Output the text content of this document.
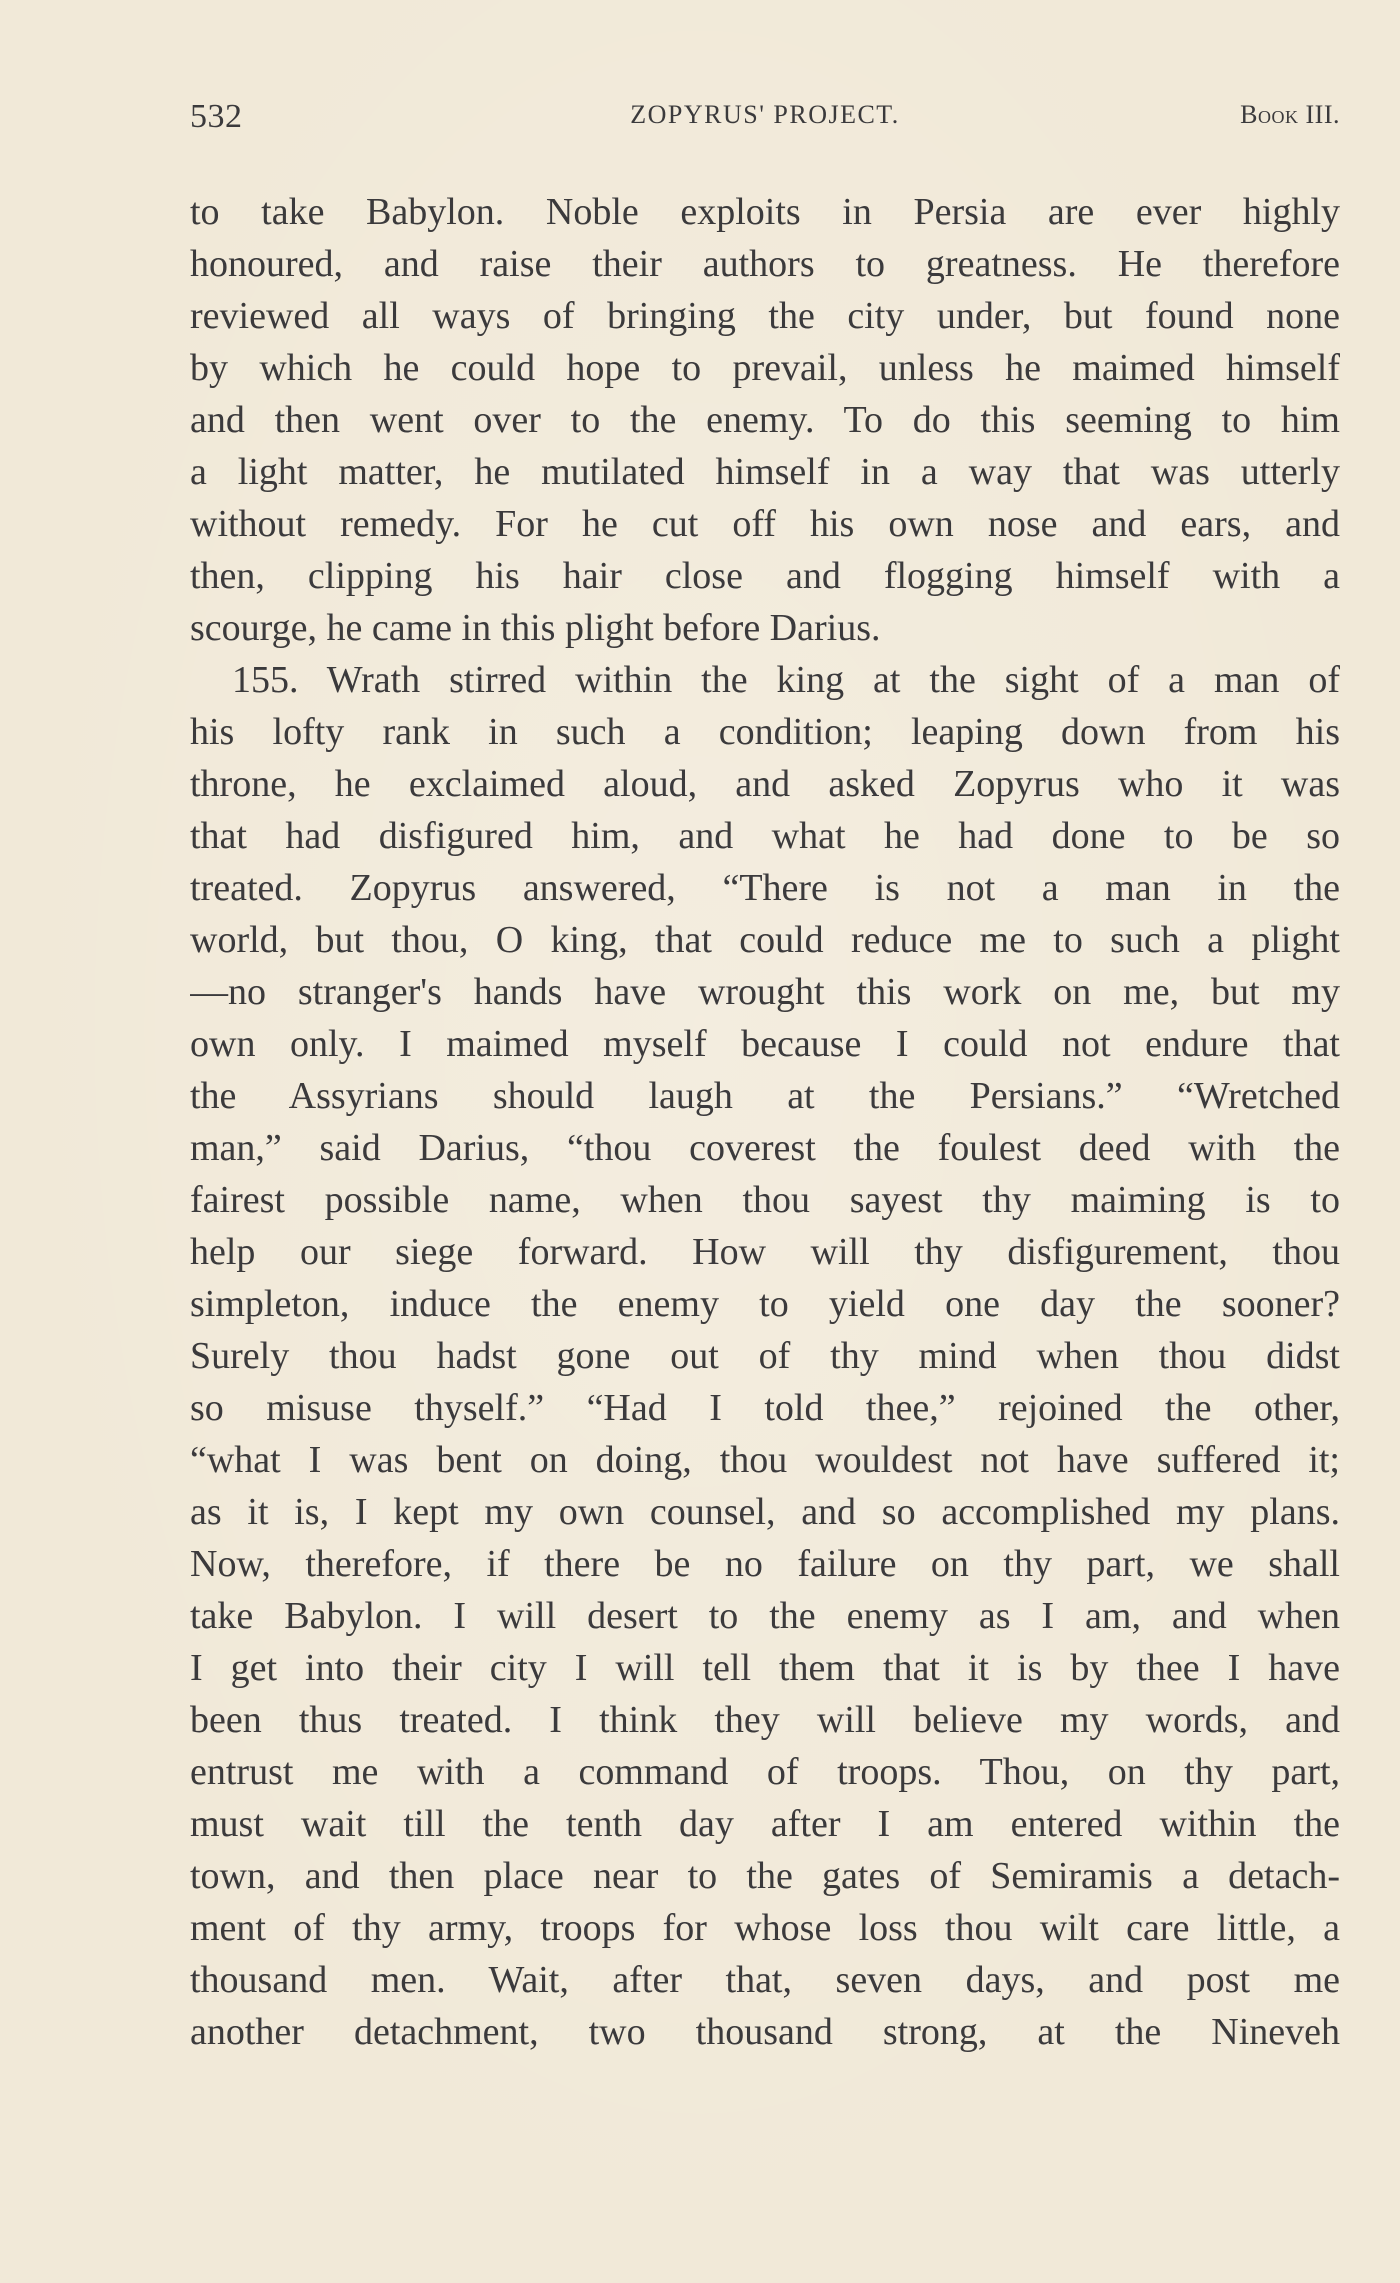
532	ZOPYRUS' PROJECT.	Book III.
to take Babylon. Noble exploits in Persia are ever highly
honoured, and raise their authors to greatness. He therefore
reviewed all ways of bringing the city under, but found none
by which he could hope to prevail, unless he maimed himself
and then went over to the enemy. To do this seeming to him
a light matter, he mutilated himself in a way that was utterly
without remedy. For he cut off his own nose and ears, and
then, clipping his hair close and flogging himself with a
scourge, he came in this plight before Darius.
155. Wrath stirred within the king at the sight of a man of
his lofty rank in such a condition; leaping down from his
throne, he exclaimed aloud, and asked Zopyrus who it was
that had disfigured him, and what he had done to be so
treated. Zopyrus answered, “There is not a man in the
world, but thou, O king, that could reduce me to such a plight
—no stranger's hands have wrought this work on me, but my
own only. I maimed myself because I could not endure that
the Assyrians should laugh at the Persians.” “Wretched
man,” said Darius, “thou coverest the foulest deed with the
fairest possible name, when thou sayest thy maiming is to
help our siege forward. How will thy disfigurement, thou
simpleton, induce the enemy to yield one day the sooner?
Surely thou hadst gone out of thy mind when thou didst
so misuse thyself.” “Had I told thee,” rejoined the other,
“what I was bent on doing, thou wouldest not have suffered it;
as it is, I kept my own counsel, and so accomplished my plans.
Now, therefore, if there be no failure on thy part, we shall
take Babylon. I will desert to the enemy as I am, and when
I get into their city I will tell them that it is by thee I have
been thus treated. I think they will believe my words, and
entrust me with a command of troops. Thou, on thy part,
must wait till the tenth day after I am entered within the
town, and then place near to the gates of Semiramis a detach-
ment of thy army, troops for whose loss thou wilt care little, a
thousand men. Wait, after that, seven days, and post me
another detachment, two thousand strong, at the Nineveh
